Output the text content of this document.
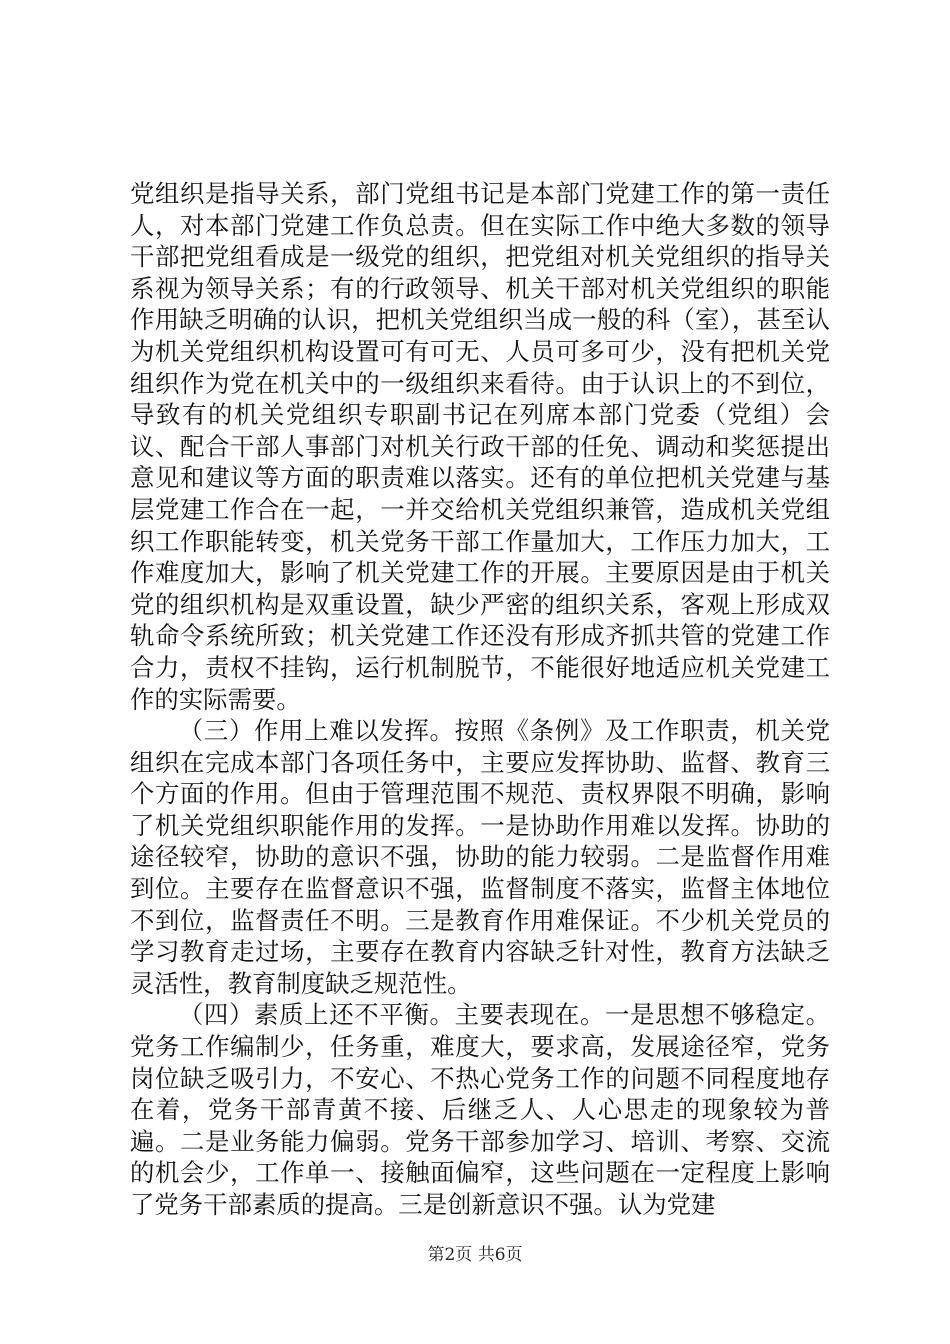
党组织是指导关系，部门党组书记是本部门党建工作的第一责任人，对本部门党建工作负总责。但在实际工作中绝大多数的领导干部把党组看成是一级党的组织，把党组对机关党组织的指导关系视为领导关系；有的行政领导、机关干部对机关党组织的职能作用缺乏明确的认识，把机关党组织当成一般的科（室），甚至认为机关党组织机构设置可有可无、人员可多可少，没有把机关党组织作为党在机关中的一级组织来看待。由于认识上的不到位，导致有的机关党组织专职副书记在列席本部门党委（党组）会议、配合干部人事部门对机关行政干部的任免、调动和奖惩提出意见和建议等方面的职责难以落实。还有的单位把机关党建与基层党建工作合在一起，一并交给机关党组织兼管，造成机关党组织工作职能转变，机关党务干部工作量加大，工作压力加大，工作难度加大，影响了机关党建工作的开展。主要原因是由于机关党的组织机构是双重设置，缺少严密的组织关系，客观上形成双轨命令系统所致；机关党建工作还没有形成齐抓共管的党建工作合力，责权不挂钩，运行机制脱节，不能很好地适应机关党建工作的实际需要。

（三）作用上难以发挥。按照《条例》及工作职责，机关党组织在完成本部门各项任务中，主要应发挥协助、监督、教育三个方面的作用。但由于管理范围不规范、责权界限不明确，影响了机关党组织职能作用的发挥。一是协助作用难以发挥。协助的途径较窄，协助的意识不强，协助的能力较弱。二是监督作用难到位。主要存在监督意识不强，监督制度不落实，监督主体地位不到位，监督责任不明。三是教育作用难保证。不少机关党员的学习教育走过场，主要存在教育内容缺乏针对性，教育方法缺乏灵活性，教育制度缺乏规范性。

（四）素质上还不平衡。主要表现在。一是思想不够稳定。党务工作编制少，任务重，难度大，要求高，发展途径窄，党务岗位缺乏吸引力，不安心、不热心党务工作的问题不同程度地存在着，党务干部青黄不接、后继乏人、人心思走的现象较为普遍。二是业务能力偏弱。党务干部参加学习、培训、考察、交流的机会少，工作单一、接触面偏窄，这些问题在一定程度上影响了党务干部素质的提高。三是创新意识不强。认为党建

第2页 共6页
